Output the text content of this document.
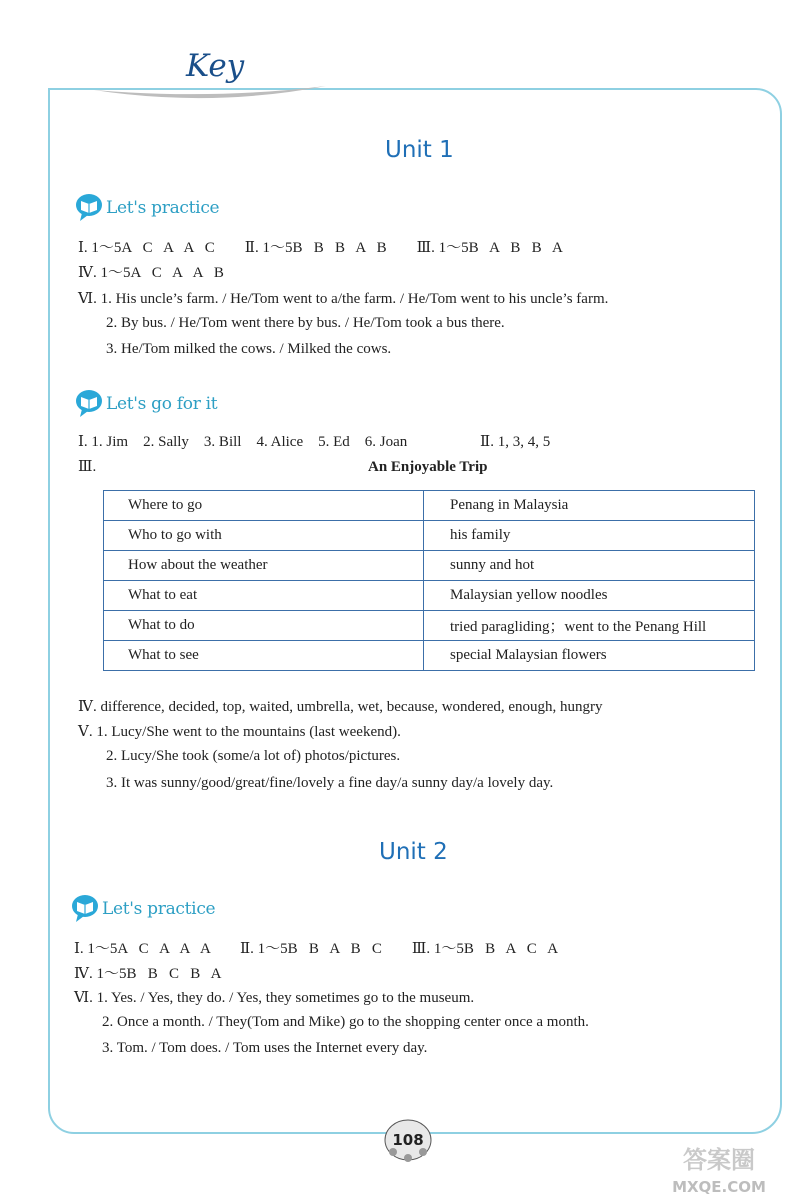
Key
Unit 1
Let's practice
Ⅰ. 1～5A   C   A   A   C        Ⅱ. 1～5B   B   B   A   B        Ⅲ. 1～5B   A   B   B   A
Ⅳ. 1～5A   C   A   A   B
Ⅵ. 1. His uncle’s farm. / He/Tom went to a/the farm. / He/Tom went to his uncle’s farm.
2. By bus. / He/Tom went there by bus. / He/Tom took a bus there.
3. He/Tom milked the cows. / Milked the cows.
Let's go for it
Ⅰ. 1. Jim    2. Sally    3. Bill    4. Alice    5. Ed    6. Joan	Ⅱ. 1, 3, 4, 5
Ⅲ.	An Enjoyable Trip
Where to go	Penang in Malaysia
Who to go with	his family
How about the weather	sunny and hot
What to eat	Malaysian yellow noodles
What to do	tried paragliding；went to the Penang Hill
What to see	special Malaysian flowers
Ⅳ. difference, decided, top, waited, umbrella, wet, because, wondered, enough, hungry
Ⅴ. 1. Lucy/She went to the mountains (last weekend).
2. Lucy/She took (some/a lot of) photos/pictures.
3. It was sunny/good/great/fine/lovely a fine day/a sunny day/a lovely day.
Unit 2
Let's practice
Ⅰ. 1～5A   C   A   A   A        Ⅱ. 1～5B   B   A   B   C        Ⅲ. 1～5B   B   A   C   A
Ⅳ. 1～5B   B   C   B   A
Ⅵ. 1. Yes. / Yes, they do. / Yes, they sometimes go to the museum.
2. Once a month. / They(Tom and Mike) go to the shopping center once a month.
3. Tom. / Tom does. / Tom uses the Internet every day.
108
答案圈
MXQE.COM
